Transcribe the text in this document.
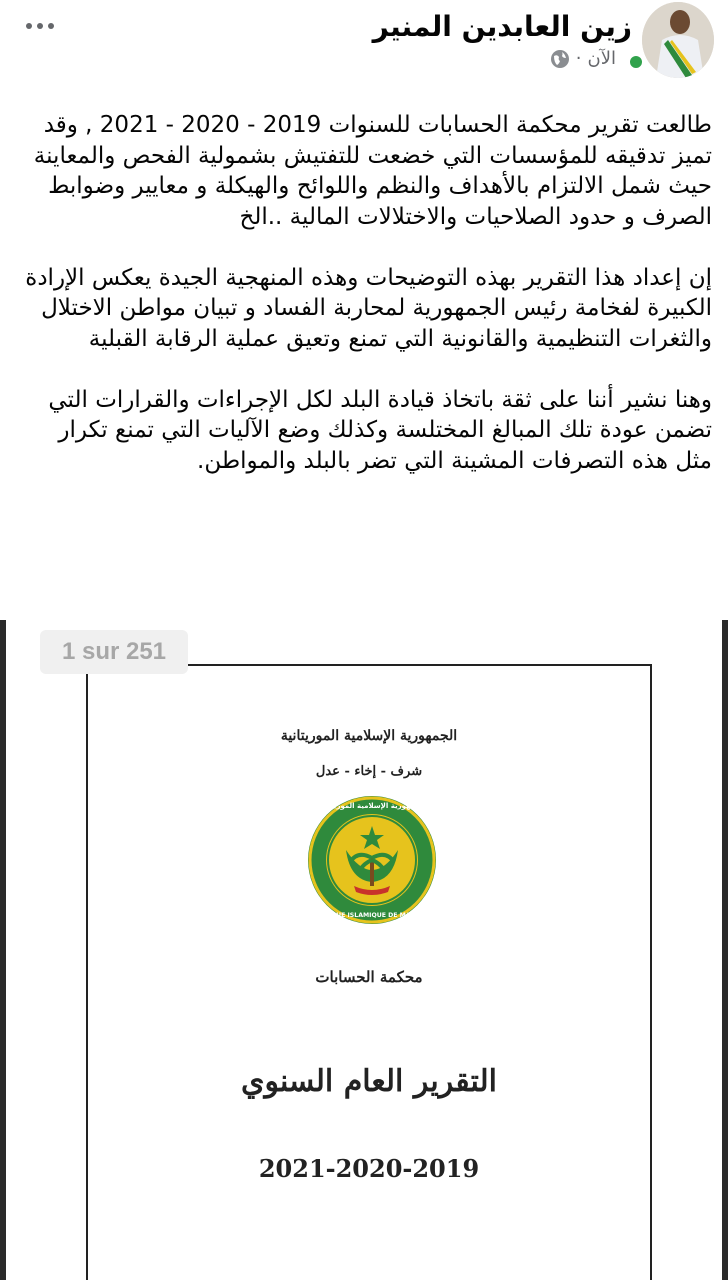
زين العابدين المنير
الآن
·

طالعت تقرير محكمة الحسابات للسنوات 2019 - 2020 - 2021 , وقد تميز تدقيقه للمؤسسات التي خضعت للتفتيش بشمولية الفحص والمعاينة حيث شمل الالتزام بالأهداف والنظم واللوائح والهيكلة و معايير وضوابط الصرف و حدود الصلاحيات والاختلالات المالية ..الخ

إن إعداد هذا التقرير بهذه التوضيحات وهذه المنهجية الجيدة يعكس الإرادة الكبيرة لفخامة رئيس الجمهورية لمحاربة الفساد و تبيان مواطن الاختلال والثغرات التنظيمية والقانونية التي تمنع وتعيق عملية الرقابة القبلية

وهنا نشير أننا على ثقة باتخاذ قيادة البلد لكل الإجراءات والقرارات التي تضمن عودة تلك المبالغ المختلسة وكذلك وضع الآليات التي تمنع تكرار مثل هذه التصرفات المشينة التي تضر بالبلد والمواطن.

الجمهورية الإسلامية الموريتانية
شرف - إخاء - عدل
REPUBLIQUE ISLAMIQUE DE MAURITANIE
الجمهورية الإسلامية الموريتانية
محكمة الحسابات
التقرير العام السنوي
2021-2020-2019
1 sur 251
